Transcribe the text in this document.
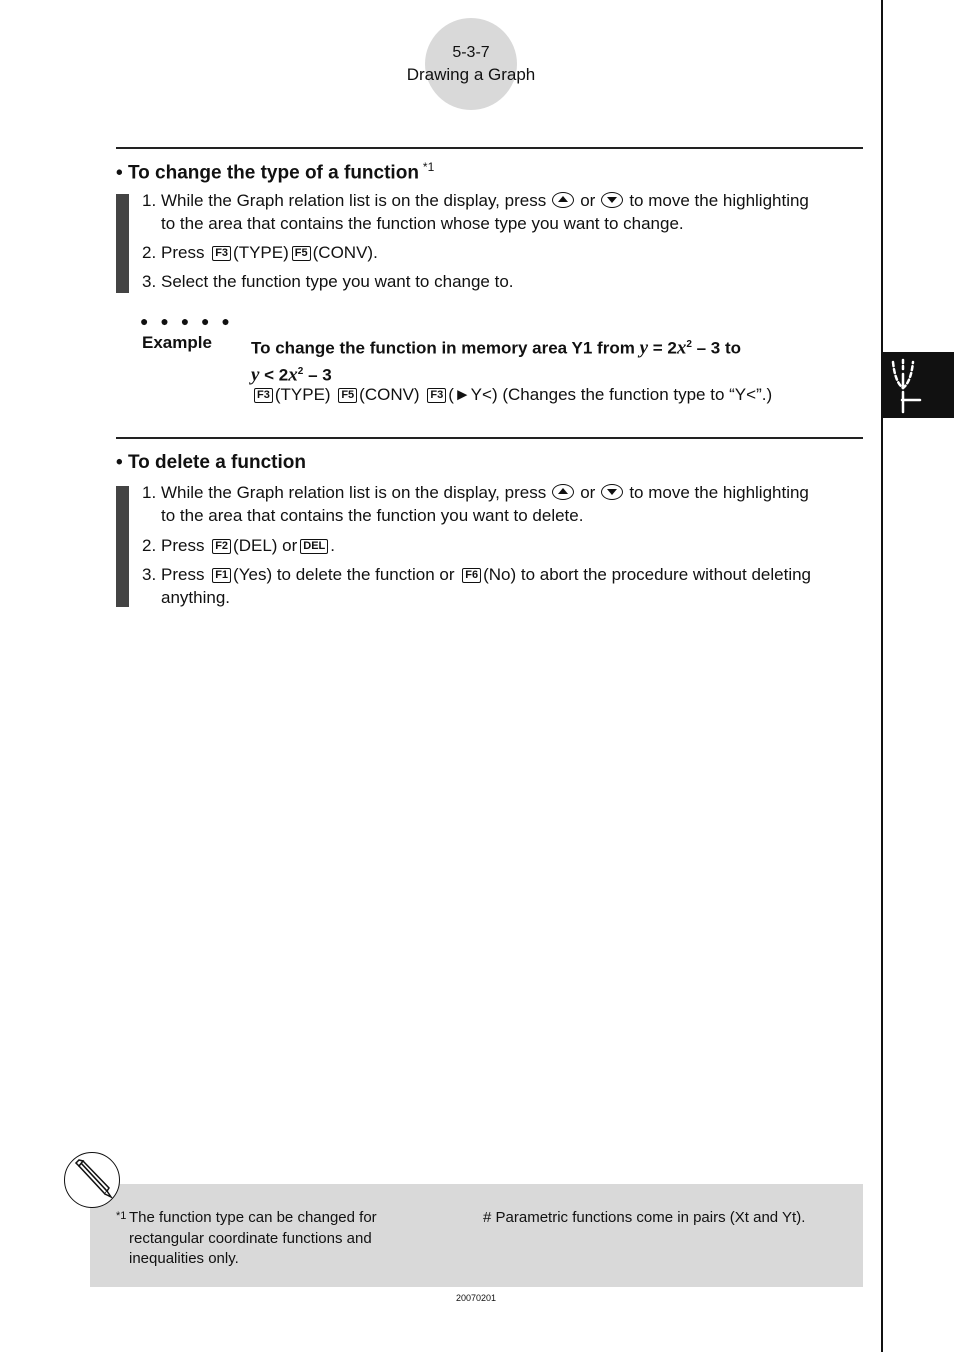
5-3-7
Drawing a Graph
• To change the type of a function $^{*1}$
1. While the Graph relation list is on the display, press or to move the highlighting
to the area that contains the function whose type you want to change.
2. Press F3 (TYPE) F5 (CONV).
3. Select the function type you want to change to.
● ● ● ● ●
Example To change the function in memory area Y1 from $y = 2x^2 - 3$ to
$y < 2x^2 - 3$
F3 (TYPE) F5 (CONV) F3 (►Y<) (Changes the function type to “Y<”.)
• To delete a function
1. While the Graph relation list is on the display, press or to move the highlighting
to the area that contains the function you want to delete.
2. Press F2 (DEL) or DEL .
3. Press F1 (Yes) to delete the function or F6 (No) to abort the procedure without deleting
anything.
*1 The function type can be changed for rectangular coordinate functions and inequalities only.
# Parametric functions come in pairs (Xt and Yt).
20070201
